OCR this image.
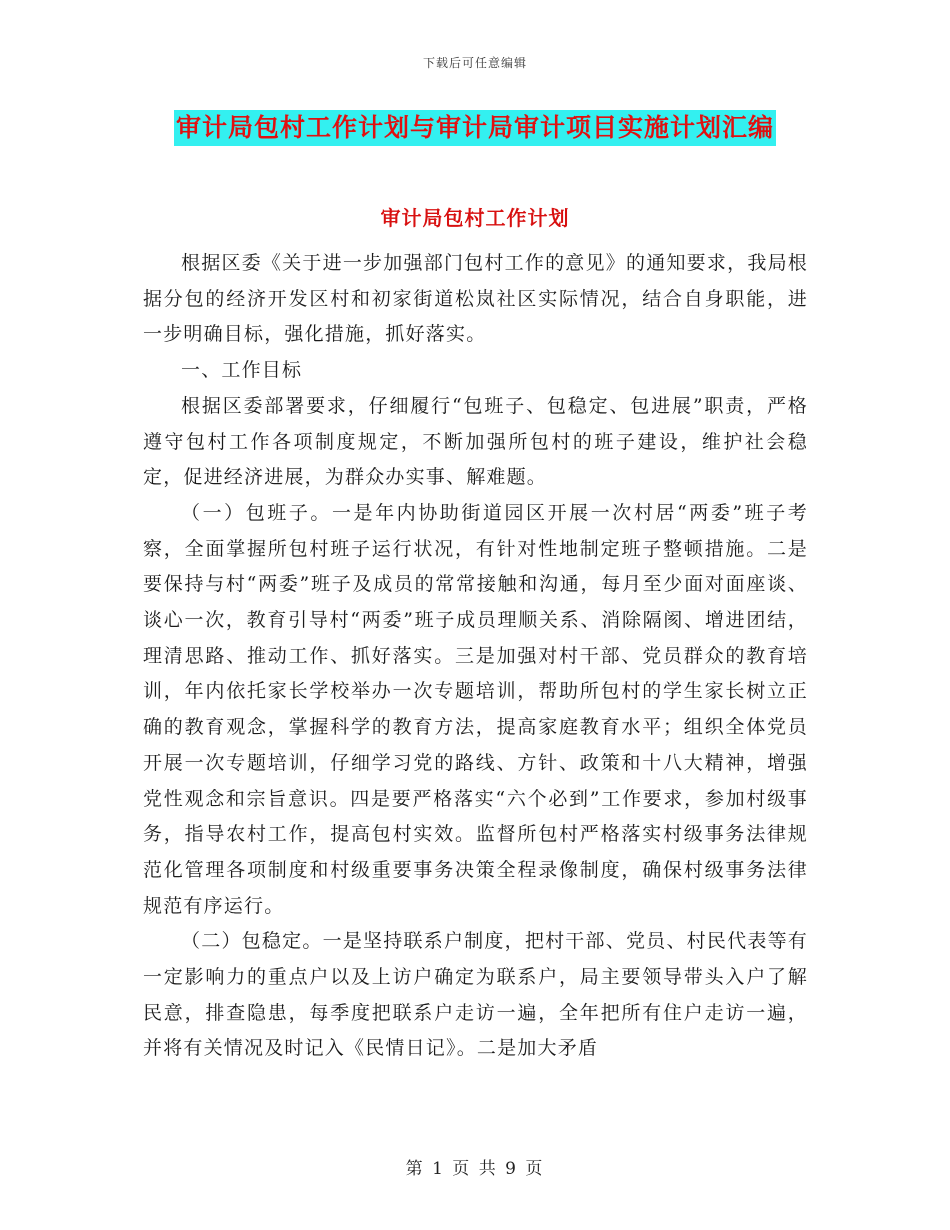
下载后可任意编辑
审计局包村工作计划与审计局审计项目实施计划汇编
审计局包村工作计划

根据区委《关于进一步加强部门包村工作的意见》的通知要求，我局根据分包的经济开发区村和初家街道松岚社区实际情况，结合自身职能，进一步明确目标，强化措施，抓好落实。

一、工作目标

根据区委部署要求，仔细履行“包班子、包稳定、包进展”职责，严格遵守包村工作各项制度规定，不断加强所包村的班子建设，维护社会稳定，促进经济进展，为群众办实事、解难题。

（一）包班子。一是年内协助街道园区开展一次村居“两委”班子考察，全面掌握所包村班子运行状况，有针对性地制定班子整顿措施。二是要保持与村“两委”班子及成员的常常接触和沟通，每月至少面对面座谈、谈心一次，教育引导村“两委”班子成员理顺关系、消除隔阂、增进团结，理清思路、推动工作、抓好落实。三是加强对村干部、党员群众的教育培训，年内依托家长学校举办一次专题培训，帮助所包村的学生家长树立正确的教育观念，掌握科学的教育方法，提高家庭教育水平；组织全体党员开展一次专题培训，仔细学习党的路线、方针、政策和十八大精神，增强党性观念和宗旨意识。四是要严格落实“六个必到”工作要求，参加村级事务，指导农村工作，提高包村实效。监督所包村严格落实村级事务法律规范化管理各项制度和村级重要事务决策全程录像制度，确保村级事务法律规范有序运行。

（二）包稳定。一是坚持联系户制度，把村干部、党员、村民代表等有一定影响力的重点户以及上访户确定为联系户，局主要领导带头入户了解民意，排查隐患，每季度把联系户走访一遍，全年把所有住户走访一遍，并将有关情况及时记入《民情日记》。二是加大矛盾

第 1 页 共 9 页
